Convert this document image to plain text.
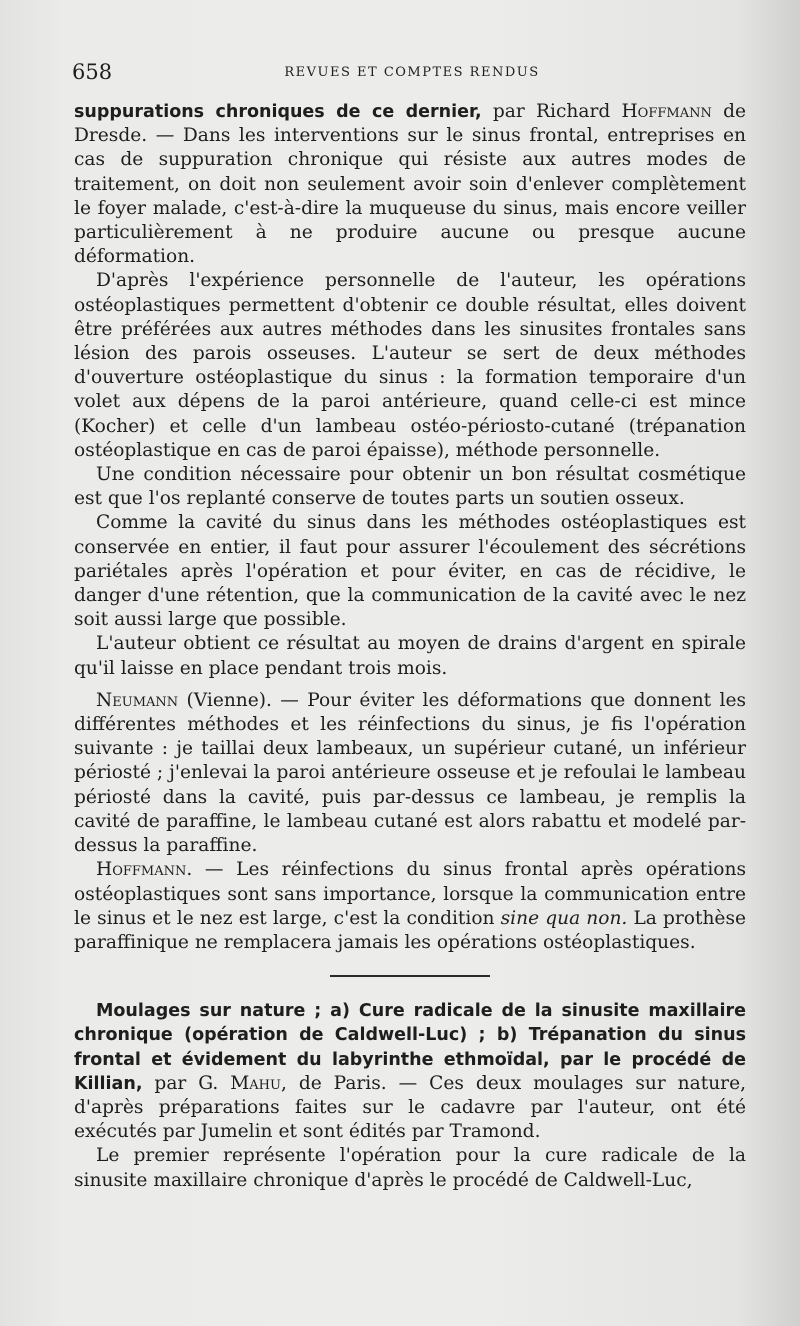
658	REVUES ET COMPTES RENDUS

suppurations chroniques de ce dernier, par Richard Hoffmann de Dresde. — Dans les interventions sur le sinus frontal, entreprises en cas de suppuration chronique qui résiste aux autres modes de traitement, on doit non seulement avoir soin d'enlever complètement le foyer malade, c'est-à-dire la muqueuse du sinus, mais encore veiller particulièrement à ne produire aucune ou presque aucune déformation.

D'après l'expérience personnelle de l'auteur, les opérations ostéoplastiques permettent d'obtenir ce double résultat, elles doivent être préférées aux autres méthodes dans les sinusites frontales sans lésion des parois osseuses. L'auteur se sert de deux méthodes d'ouverture ostéoplastique du sinus : la formation temporaire d'un volet aux dépens de la paroi antérieure, quand celle-ci est mince (Kocher) et celle d'un lambeau ostéo-périosto-cutané (trépanation ostéoplastique en cas de paroi épaisse), méthode personnelle.

Une condition nécessaire pour obtenir un bon résultat cosmétique est que l'os replanté conserve de toutes parts un soutien osseux.

Comme la cavité du sinus dans les méthodes ostéoplastiques est conservée en entier, il faut pour assurer l'écoulement des sécrétions pariétales après l'opération et pour éviter, en cas de récidive, le danger d'une rétention, que la communication de la cavité avec le nez soit aussi large que possible.

L'auteur obtient ce résultat au moyen de drains d'argent en spirale qu'il laisse en place pendant trois mois.

Neumann (Vienne). — Pour éviter les déformations que donnent les différentes méthodes et les réinfections du sinus, je fis l'opération suivante : je taillai deux lambeaux, un supérieur cutané, un inférieur périosté ; j'enlevai la paroi antérieure osseuse et je refoulai le lambeau périosté dans la cavité, puis par-dessus ce lambeau, je remplis la cavité de paraffine, le lambeau cutané est alors rabattu et modelé par-dessus la paraffine.

Hoffmann. — Les réinfections du sinus frontal après opérations ostéoplastiques sont sans importance, lorsque la communication entre le sinus et le nez est large, c'est la condition sine qua non. La prothèse paraffinique ne remplacera jamais les opérations ostéoplastiques.

Moulages sur nature ; a) Cure radicale de la sinusite maxillaire chronique (opération de Caldwell-Luc) ; b) Trépanation du sinus frontal et évidement du labyrinthe ethmoïdal, par le procédé de Killian, par G. Mahu, de Paris. — Ces deux moulages sur nature, d'après préparations faites sur le cadavre par l'auteur, ont été exécutés par Jumelin et sont édités par Tramond.

Le premier représente l'opération pour la cure radicale de la sinusite maxillaire chronique d'après le procédé de Caldwell-Luc,
